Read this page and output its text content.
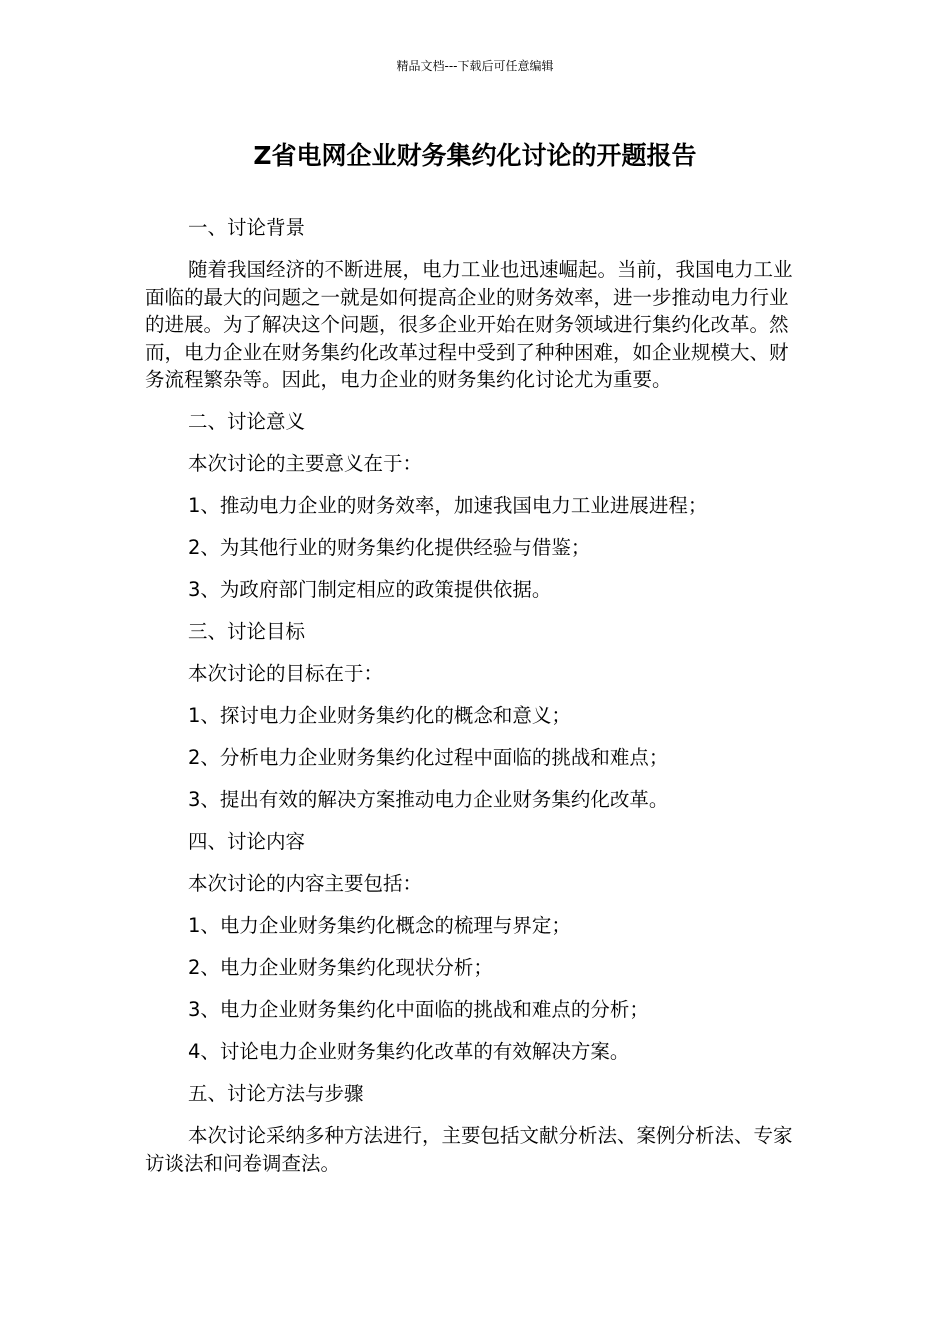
精品文档---下载后可任意编辑
Z省电网企业财务集约化讨论的开题报告

一、讨论背景

随着我国经济的不断进展，电力工业也迅速崛起。当前，我国电力工业面临的最大的问题之一就是如何提高企业的财务效率，进一步推动电力行业的进展。为了解决这个问题，很多企业开始在财务领域进行集约化改革。然而，电力企业在财务集约化改革过程中受到了种种困难，如企业规模大、财务流程繁杂等。因此，电力企业的财务集约化讨论尤为重要。

二、讨论意义

本次讨论的主要意义在于：

1、推动电力企业的财务效率，加速我国电力工业进展进程；

2、为其他行业的财务集约化提供经验与借鉴；

3、为政府部门制定相应的政策提供依据。

三、讨论目标

本次讨论的目标在于：

1、探讨电力企业财务集约化的概念和意义；

2、分析电力企业财务集约化过程中面临的挑战和难点；

3、提出有效的解决方案推动电力企业财务集约化改革。

四、讨论内容

本次讨论的内容主要包括：

1、电力企业财务集约化概念的梳理与界定；

2、电力企业财务集约化现状分析；

3、电力企业财务集约化中面临的挑战和难点的分析；

4、讨论电力企业财务集约化改革的有效解决方案。

五、讨论方法与步骤

本次讨论采纳多种方法进行，主要包括文献分析法、案例分析法、专家访谈法和问卷调查法。
